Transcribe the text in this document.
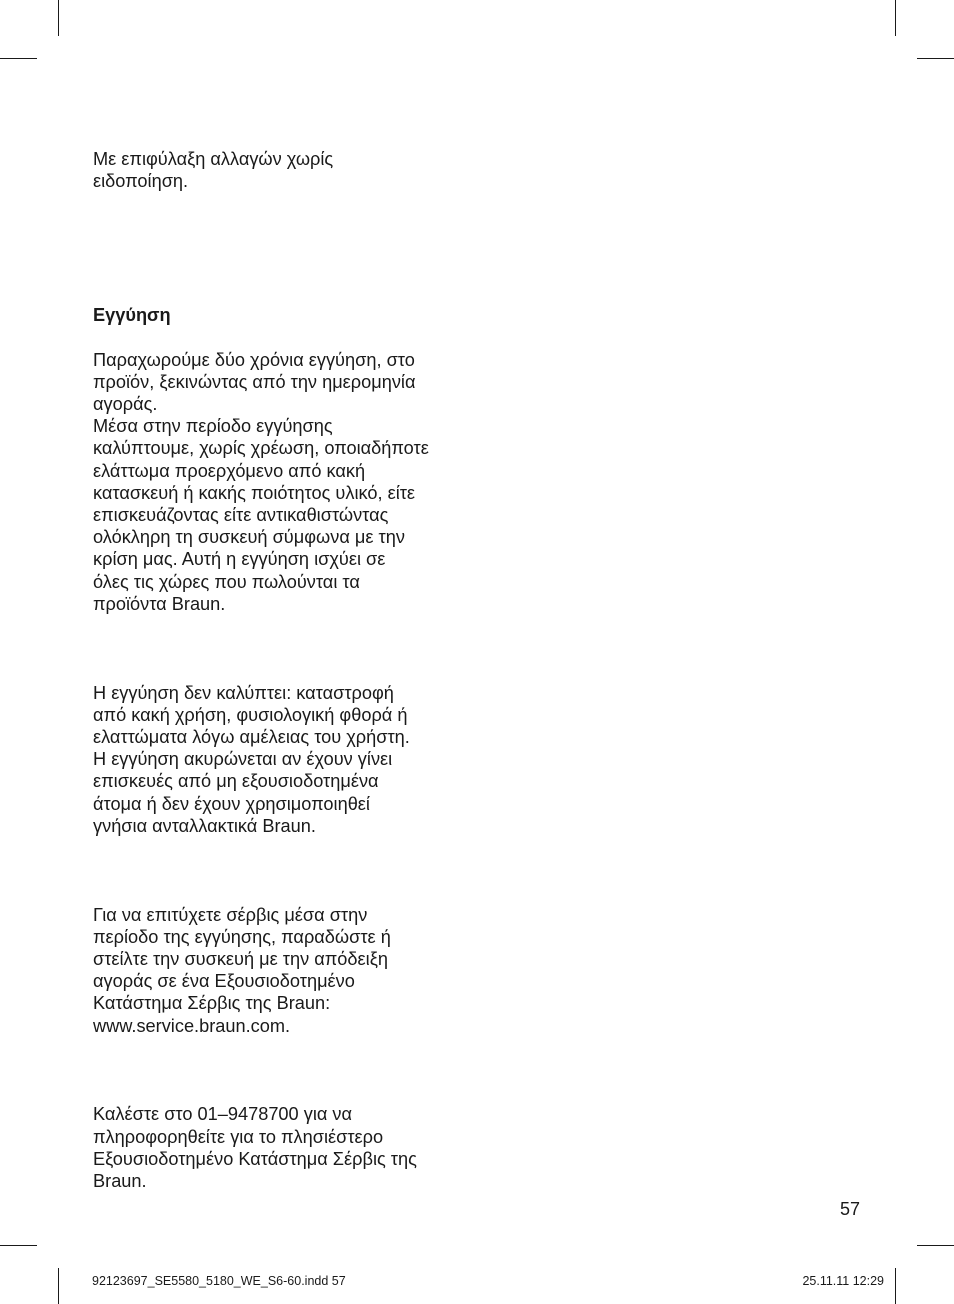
Με επιφύλαξη αλλαγών χωρίς
ειδοποίηση.

Εγγύηση

Παραχωρούμε δύο χρόνια εγγύηση, στο
προϊόν, ξεκινώντας από την ημερομηνία
αγοράς.
Μέσα στην περίοδο εγγύησης
καλύπτουμε, χωρίς χρέωση, οποιαδήποτε
ελάττωμα προερχόμενο από κακή
κατασκευή ή κακής ποιότητος υλικό, είτε
επισκευάζοντας είτε αντικαθιστώντας
ολόκληρη τη συσκευή σύμφωνα με την
κρίση μας. Αυτή η εγγύηση ισχύει σε
όλες τις χώρες που πωλούνται τα
προϊόντα Braun.

Η εγγύηση δεν καλύπτει: καταστροφή
από κακή χρήση, φυσιολογική φθορά ή
ελαττώματα λόγω αμέλειας του χρήστη.
Η εγγύηση ακυρώνεται αν έχουν γίνει
επισκευές από μη εξουσιοδοτημένα
άτομα ή δεν έχουν χρησιμοποιηθεί
γνήσια ανταλλακτικά Braun.

Για να επιτύχετε σέρβις μέσα στην
περίοδο της εγγύησης, παραδώστε ή
στείλτε την συσκευή με την απόδειξη
αγοράς σε ένα Εξουσιοδοτημένο
Κατάστημα Σέρβις της Braun:
www.service.braun.com.

Καλέστε στο 01–9478700 για να
πληροφορηθείτε για το πλησιέστερο
Εξουσιοδοτημένο Κατάστημα Σέρβις της
Braun.

57
92123697_SE5580_5180_WE_S6-60.indd 57	25.11.11 12:29
